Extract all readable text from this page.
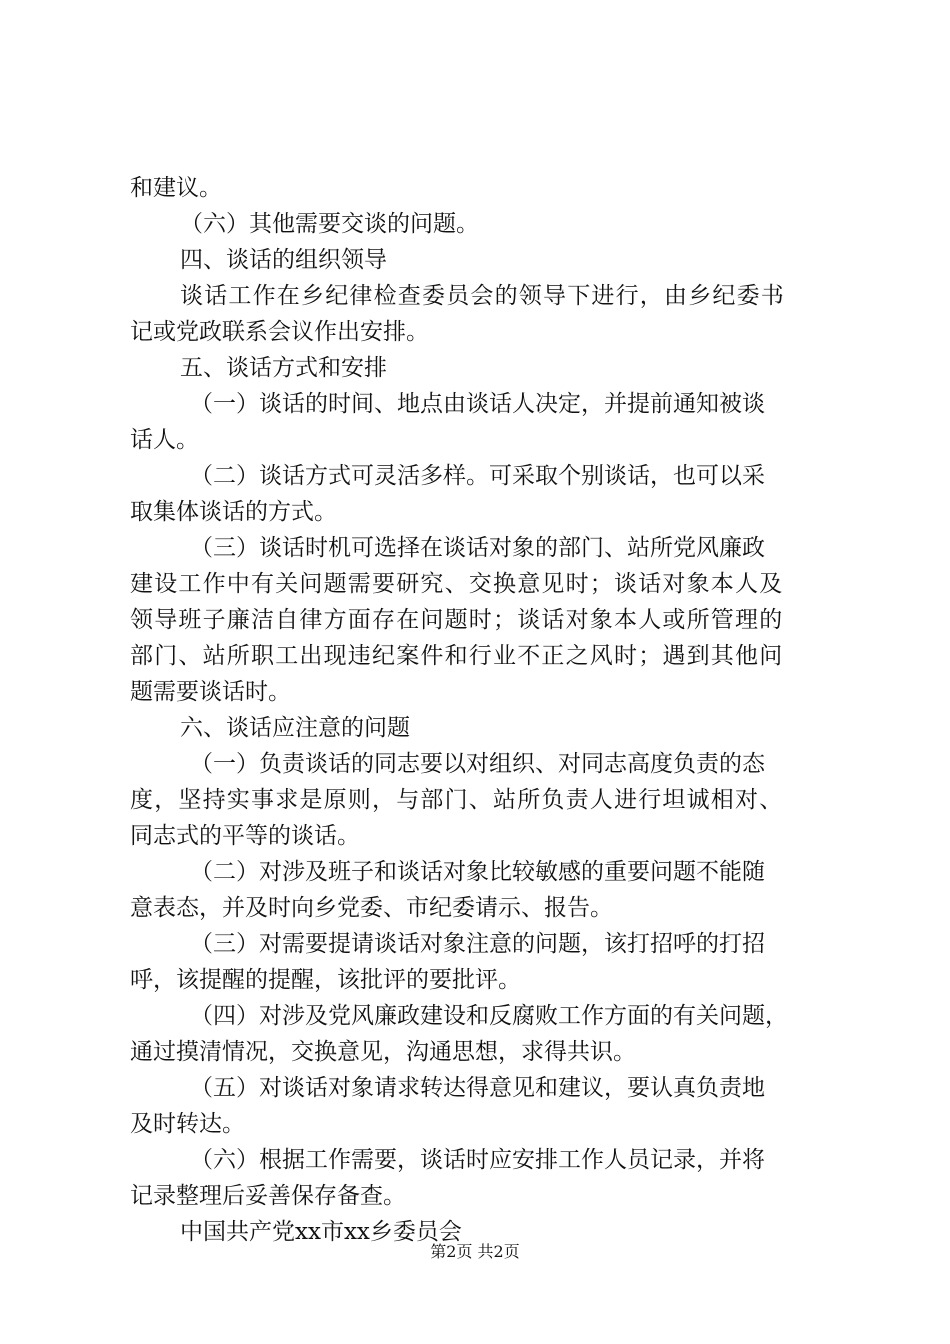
和建议。
（六）其他需要交谈的问题。
四、谈话的组织领导
谈话工作在乡纪律检查委员会的领导下进行，由乡纪委书
记或党政联系会议作出安排。
五、谈话方式和安排
（一）谈话的时间、地点由谈话人决定，并提前通知被谈
话人。
（二）谈话方式可灵活多样。可采取个别谈话，也可以采
取集体谈话的方式。
（三）谈话时机可选择在谈话对象的部门、站所党风廉政
建设工作中有关问题需要研究、交换意见时；谈话对象本人及
领导班子廉洁自律方面存在问题时；谈话对象本人或所管理的
部门、站所职工出现违纪案件和行业不正之风时；遇到其他问
题需要谈话时。
六、谈话应注意的问题
（一）负责谈话的同志要以对组织、对同志高度负责的态
度，坚持实事求是原则，与部门、站所负责人进行坦诚相对、
同志式的平等的谈话。
（二）对涉及班子和谈话对象比较敏感的重要问题不能随
意表态，并及时向乡党委、市纪委请示、报告。
（三）对需要提请谈话对象注意的问题，该打招呼的打招
呼，该提醒的提醒，该批评的要批评。
（四）对涉及党风廉政建设和反腐败工作方面的有关问题，
通过摸清情况，交换意见，沟通思想，求得共识。
（五）对谈话对象请求转达得意见和建议，要认真负责地
及时转达。
（六）根据工作需要，谈话时应安排工作人员记录，并将
记录整理后妥善保存备查。
中国共产党xx市xx乡委员会
第2页 共2页
